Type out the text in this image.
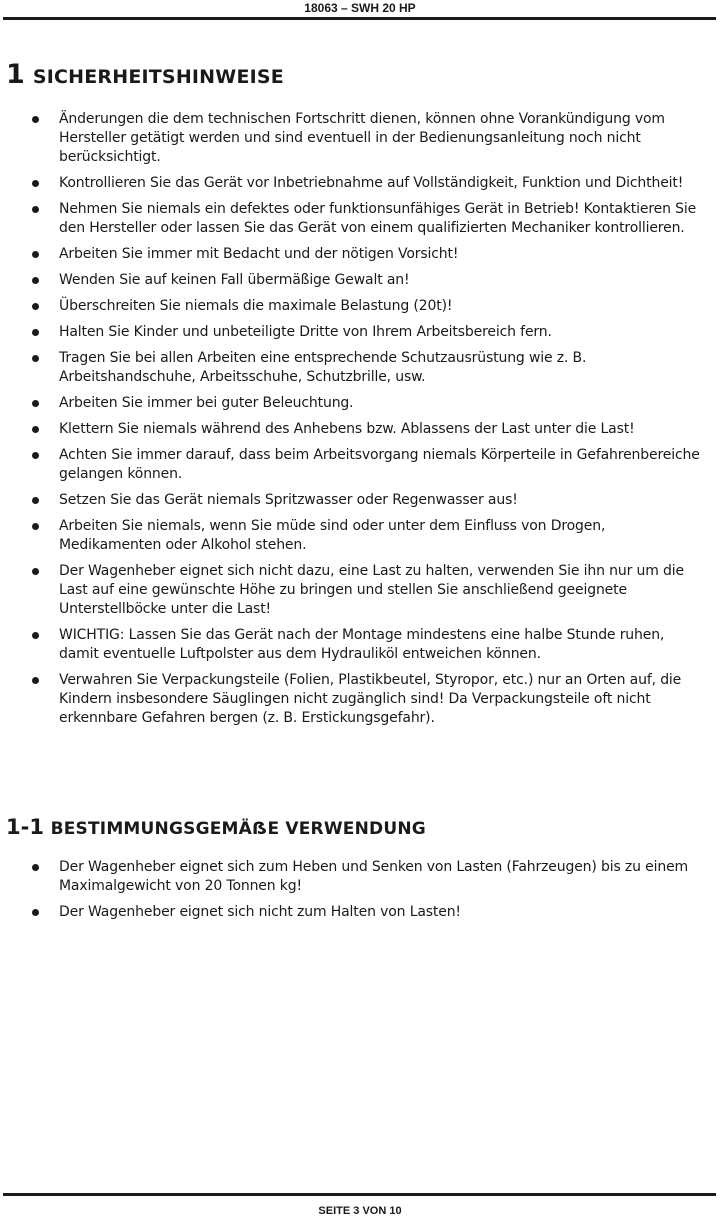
18063 – SWH 20 HP
1 SICHERHEITSHINWEISE
Änderungen die dem technischen Fortschritt dienen, können ohne Vorankündigung vom Hersteller getätigt werden und sind eventuell in der Bedienungsanleitung noch nicht berücksichtigt.
Kontrollieren Sie das Gerät vor Inbetriebnahme auf Vollständigkeit, Funktion und Dichtheit!
Nehmen Sie niemals ein defektes oder funktionsunfähiges Gerät in Betrieb! Kontaktieren Sie den Hersteller oder lassen Sie das Gerät von einem qualifizierten Mechaniker kontrollieren.
Arbeiten Sie immer mit Bedacht und der nötigen Vorsicht!
Wenden Sie auf keinen Fall übermäßige Gewalt an!
Überschreiten Sie niemals die maximale Belastung (20t)!
Halten Sie Kinder und unbeteiligte Dritte von Ihrem Arbeitsbereich fern.
Tragen Sie bei allen Arbeiten eine entsprechende Schutzausrüstung wie z. B. Arbeitshandschuhe, Arbeitsschuhe, Schutzbrille, usw.
Arbeiten Sie immer bei guter Beleuchtung.
Klettern Sie niemals während des Anhebens bzw. Ablassens der Last unter die Last!
Achten Sie immer darauf, dass beim Arbeitsvorgang niemals Körperteile in Gefahrenbereiche gelangen können.
Setzen Sie das Gerät niemals Spritzwasser oder Regenwasser aus!
Arbeiten Sie niemals, wenn Sie müde sind oder unter dem Einfluss von Drogen, Medikamenten oder Alkohol stehen.
Der Wagenheber eignet sich nicht dazu, eine Last zu halten, verwenden Sie ihn nur um die Last auf eine gewünschte Höhe zu bringen und stellen Sie anschließend geeignete Unterstellböcke unter die Last!
WICHTIG: Lassen Sie das Gerät nach der Montage mindestens eine halbe Stunde ruhen, damit eventuelle Luftpolster aus dem Hydrauliköl entweichen können.
Verwahren Sie Verpackungsteile (Folien, Plastikbeutel, Styropor, etc.) nur an Orten auf, die Kindern insbesondere Säuglingen nicht zugänglich sind! Da Verpackungsteile oft nicht erkennbare Gefahren bergen (z. B. Erstickungsgefahr).
1-1 BESTIMMUNGSGEMÄẞE VERWENDUNG
Der Wagenheber eignet sich zum Heben und Senken von Lasten (Fahrzeugen) bis zu einem Maximalgewicht von 20 Tonnen kg!
Der Wagenheber eignet sich nicht zum Halten von Lasten!
SEITE 3 VON 10
